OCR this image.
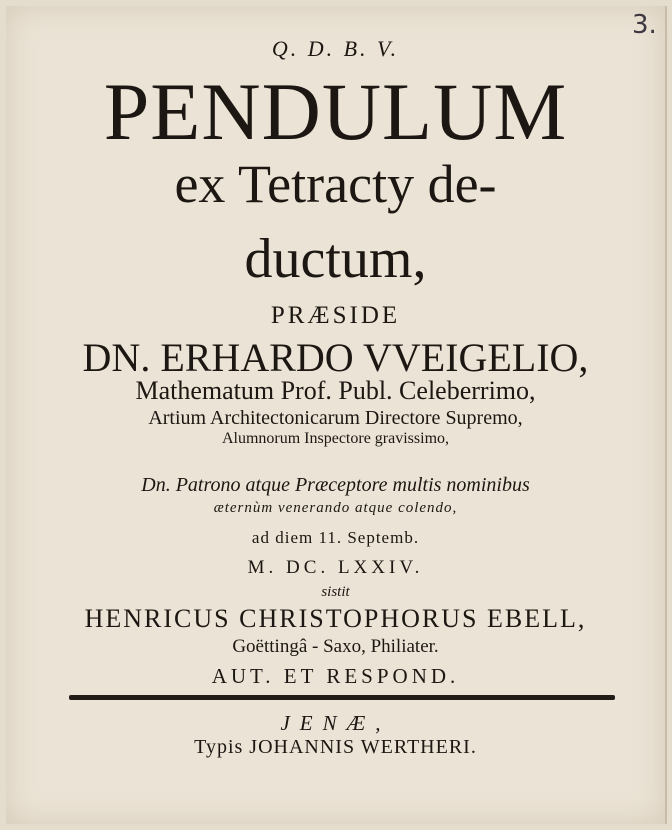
3.
Q. D. B. V.
PENDULUM
ex Tetracty de-
ductum,
PRÆSIDE
DN. ERHARDO VVEIGELIO,
Mathematum Prof. Publ. Celeberrimo,
Artium Architectonicarum Directore Supremo,
Alumnorum Inspectore gravissimo,
Dn. Patrono atque Præceptore multis nominibus
æternùm venerando atque colendo,
ad diem 11. Septemb.
M. DC. LXXIV.
sistit
HENRICUS CHRISTOPHORUS EBELL,
Goëttingâ - Saxo, Philiater.
AUT. ET RESPOND.
JENÆ,
Typis JOHANNIS WERTHERI.
